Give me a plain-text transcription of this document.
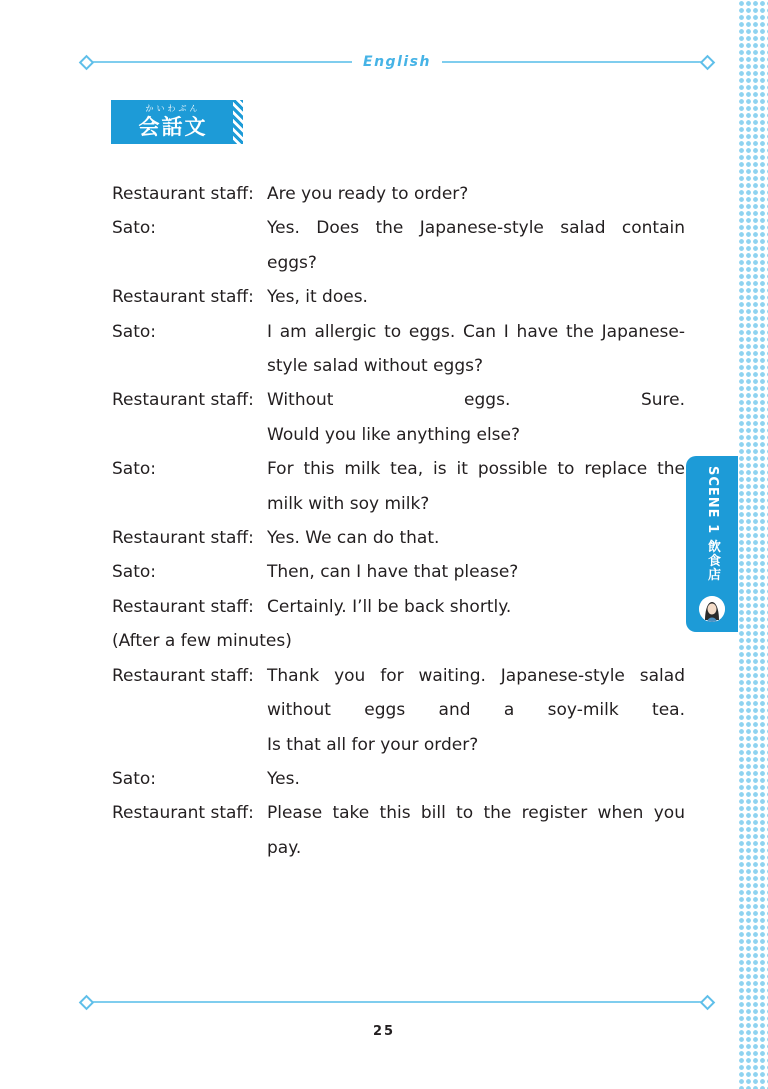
English
かいわぶん
会話文
Restaurant staff: Are you ready to order?
Sato:	Yes. Does the Japanese-style salad contain
eggs?
Restaurant staff: Yes, it does.
Sato:	I am allergic to eggs. Can I have the Japanese-
style salad without eggs?
Restaurant staff: Without eggs. Sure.
Would you like anything else?
Sato:	For this milk tea, is it possible to replace the
milk with soy milk?
Restaurant staff: Yes. We can do that.
Sato:	Then, can I have that please?
Restaurant staff: Certainly. I’ll be back shortly.
(After a few minutes)
Restaurant staff: Thank you for waiting. Japanese-style salad
without eggs and a soy-milk tea.
Is that all for your order?
Sato:	Yes.
Restaurant staff: Please take this bill to the register when you
pay.
SCENE 1 飲食店
25
